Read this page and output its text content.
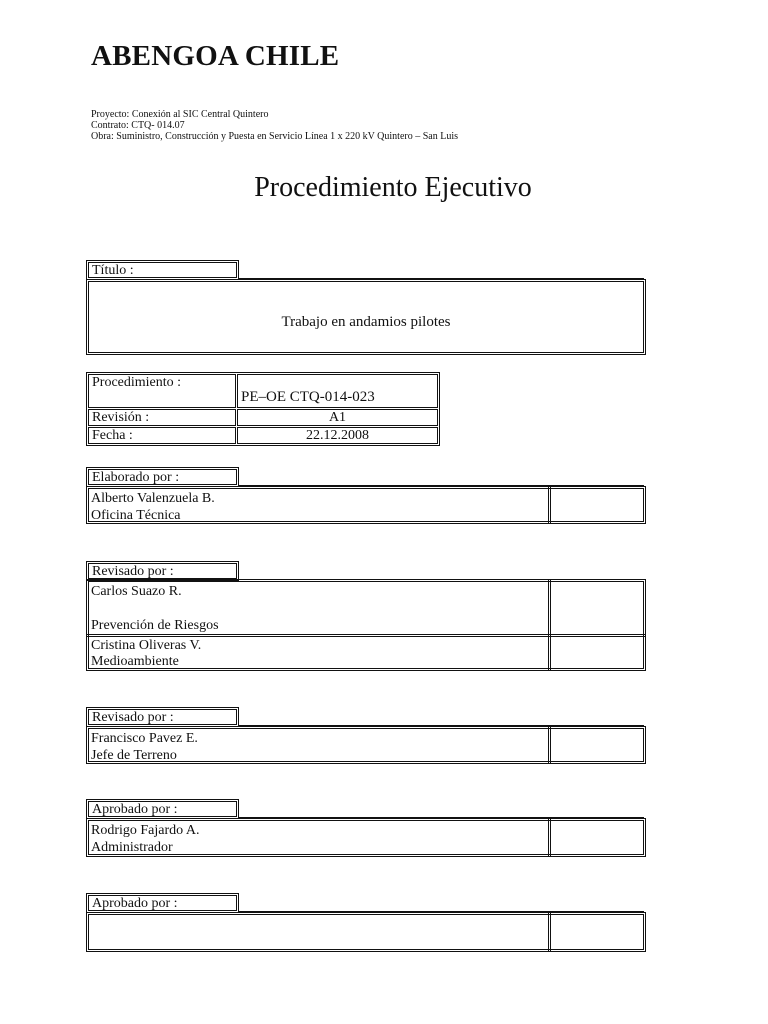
ABENGOA CHILE
Proyecto: Conexión al SIC Central Quintero
Contrato: CTQ- 014.07
Obra: Suministro, Construcción y Puesta en Servicio Línea 1 x 220 kV Quintero – San Luis
Procedimiento Ejecutivo
Título :
Trabajo en andamios pilotes
Procedimiento :	PE–OE CTQ-014-023
Revisión :	A1
Fecha :	22.12.2008
Elaborado por :
Alberto Valenzuela B.
Oficina Técnica
Revisado por :
Carlos Suazo R.
Prevención de Riesgos
Cristina Oliveras V.
Medioambiente
Revisado por :
Francisco Pavez E.
Jefe de Terreno
Aprobado por :
Rodrigo Fajardo A.
Administrador
Aprobado por :
